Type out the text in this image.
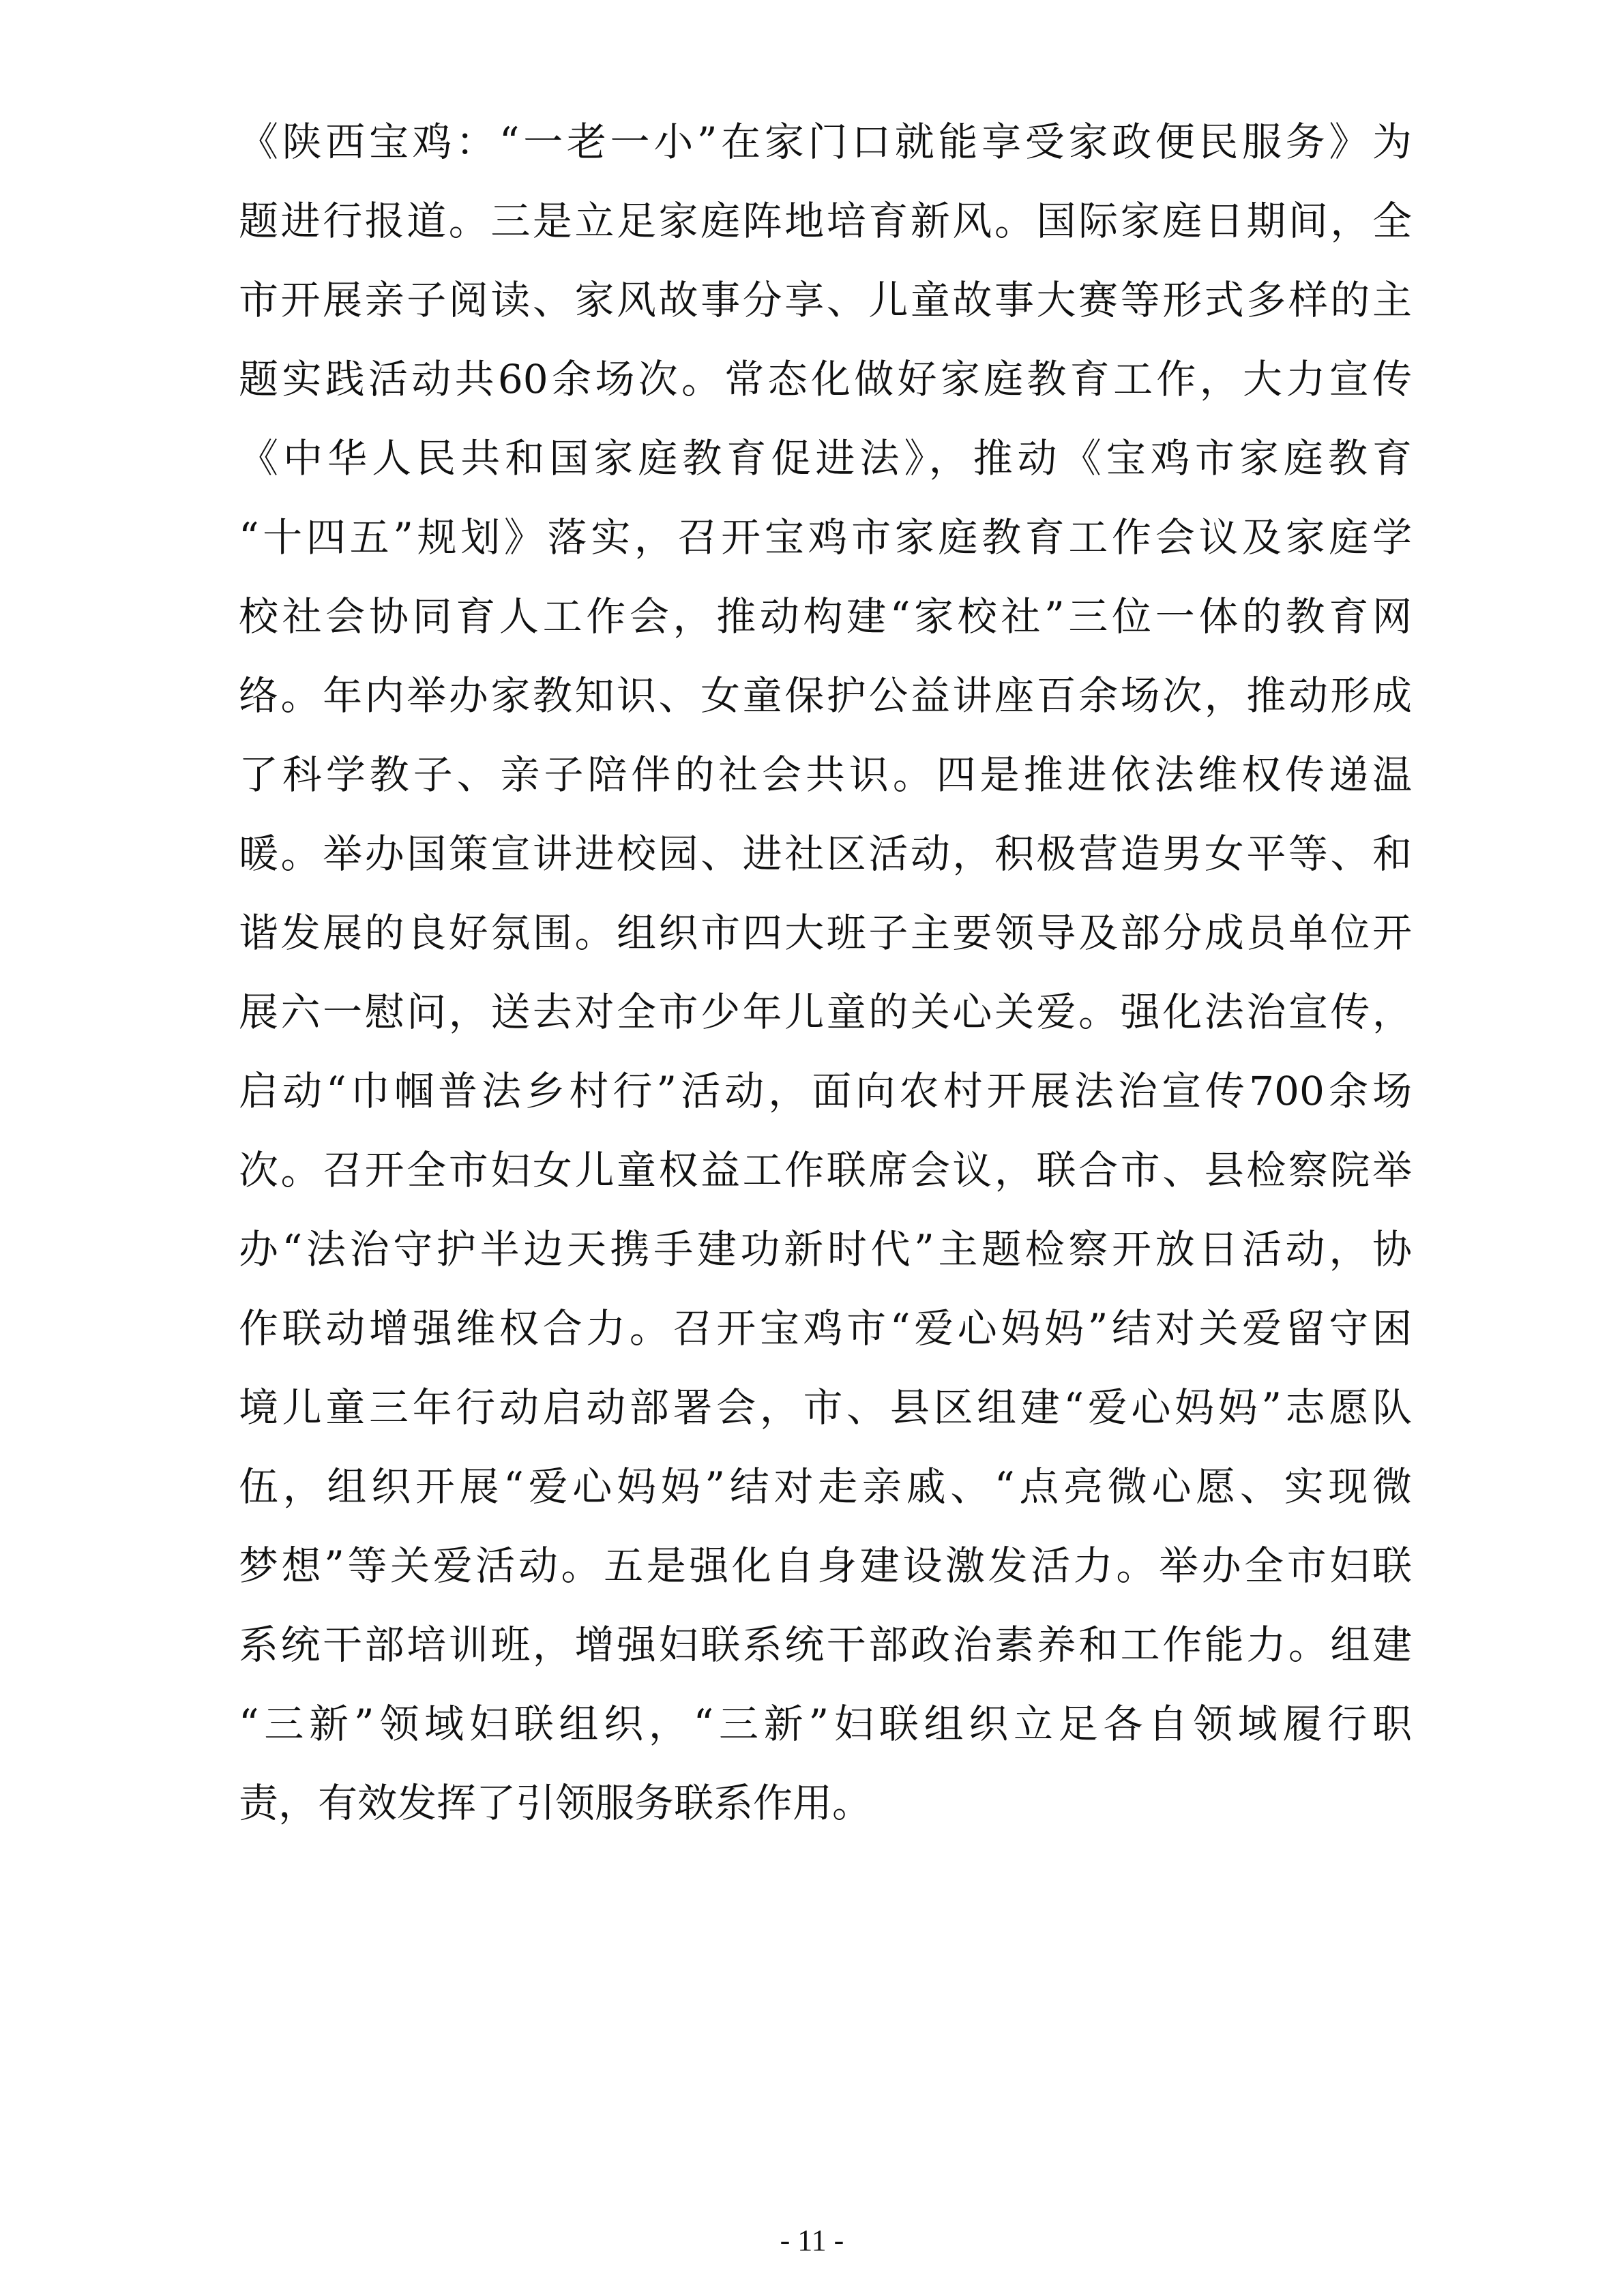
《陕西宝鸡：“一老一小”在家门口就能享受家政便民服务》为
题进行报道。三是立足家庭阵地培育新风。国际家庭日期间，全
市开展亲子阅读、家风故事分享、儿童故事大赛等形式多样的主
题实践活动共60余场次。常态化做好家庭教育工作，大力宣传
《中华人民共和国家庭教育促进法》，推动《宝鸡市家庭教育
“十四五”规划》落实，召开宝鸡市家庭教育工作会议及家庭学
校社会协同育人工作会，推动构建“家校社”三位一体的教育网
络。年内举办家教知识、女童保护公益讲座百余场次，推动形成
了科学教子、亲子陪伴的社会共识。四是推进依法维权传递温
暖。举办国策宣讲进校园、进社区活动，积极营造男女平等、和
谐发展的良好氛围。组织市四大班子主要领导及部分成员单位开
展六一慰问，送去对全市少年儿童的关心关爱。强化法治宣传，
启动“巾帼普法乡村行”活动，面向农村开展法治宣传700余场
次。召开全市妇女儿童权益工作联席会议，联合市、县检察院举
办“法治守护半边天携手建功新时代”主题检察开放日活动，协
作联动增强维权合力。召开宝鸡市“爱心妈妈”结对关爱留守困
境儿童三年行动启动部署会，市、县区组建“爱心妈妈”志愿队
伍，组织开展“爱心妈妈”结对走亲戚、“点亮微心愿、实现微
梦想”等关爱活动。五是强化自身建设激发活力。举办全市妇联
系统干部培训班，增强妇联系统干部政治素养和工作能力。组建
“三新”领域妇联组织，“三新”妇联组织立足各自领域履行职
责，有效发挥了引领服务联系作用。
- 11 -
